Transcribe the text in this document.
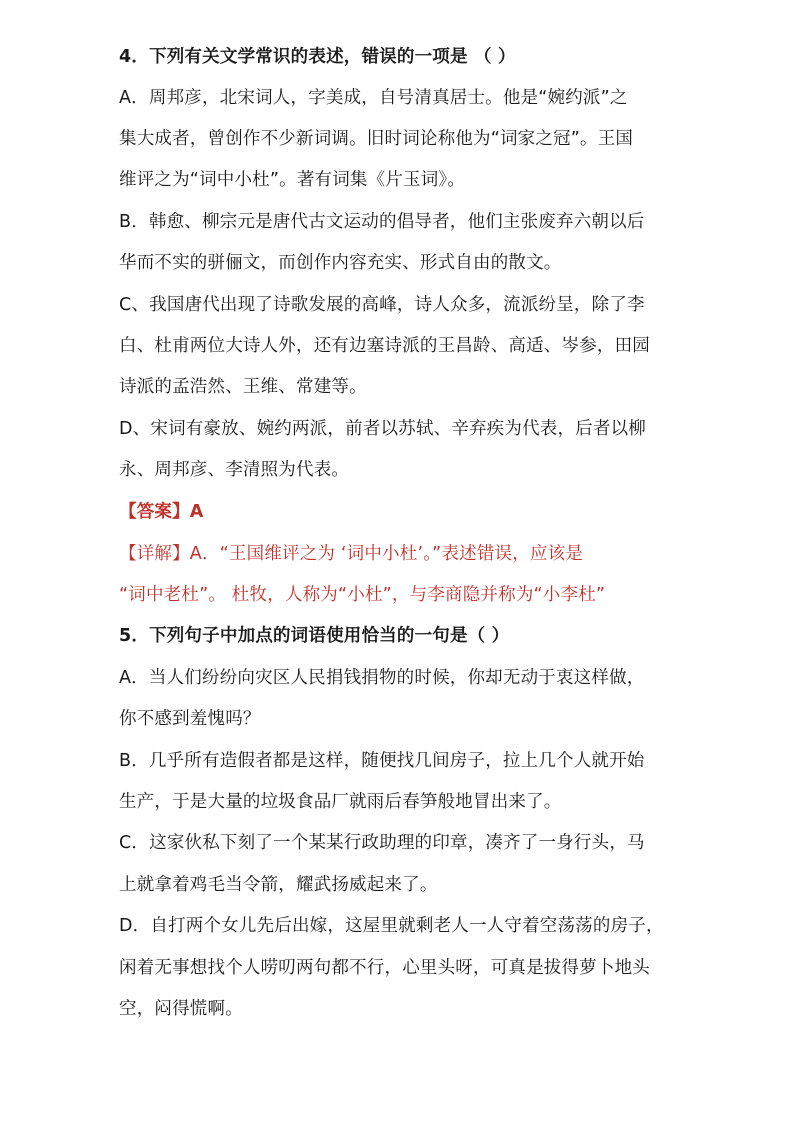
4．下列有关文学常识的表述，错误的一项是 （ ）
A．周邦彦，北宋词人，字美成，自号清真居士。他是“婉约派”之
集大成者，曾创作不少新词调。旧时词论称他为“词家之冠”。王国
维评之为“词中小杜”。著有词集《片玉词》。
B．韩愈、柳宗元是唐代古文运动的倡导者，他们主张废弃六朝以后
华而不实的骈俪文，而创作内容充实、形式自由的散文。
C、我国唐代出现了诗歌发展的高峰，诗人众多，流派纷呈，除了李
白、杜甫两位大诗人外，还有边塞诗派的王昌龄、高适、岑参，田园
诗派的孟浩然、王维、常建等。
D、宋词有豪放、婉约两派，前者以苏轼、辛弃疾为代表，后者以柳
永、周邦彦、李清照为代表。
【答案】A
【详解】A．“王国维评之为 ‘词中小杜’。”表述错误，应该是
“词中老杜”。 杜牧，人称为“小杜”，与李商隐并称为“小李杜”
5．下列句子中加点的词语使用恰当的一句是（ ）
A．当人们纷纷向灾区人民捐钱捐物的时候，你却无动于衷这样做，
你不感到羞愧吗？
B．几乎所有造假者都是这样，随便找几间房子，拉上几个人就开始
生产，于是大量的垃圾食品厂就雨后春笋般地冒出来了。
C．这家伙私下刻了一个某某行政助理的印章，凑齐了一身行头，马
上就拿着鸡毛当令箭，耀武扬威起来了。
D．自打两个女儿先后出嫁，这屋里就剩老人一人守着空荡荡的房子，
闲着无事想找个人唠叨两句都不行，心里头呀，可真是拔得萝卜地头
空，闷得慌啊。
